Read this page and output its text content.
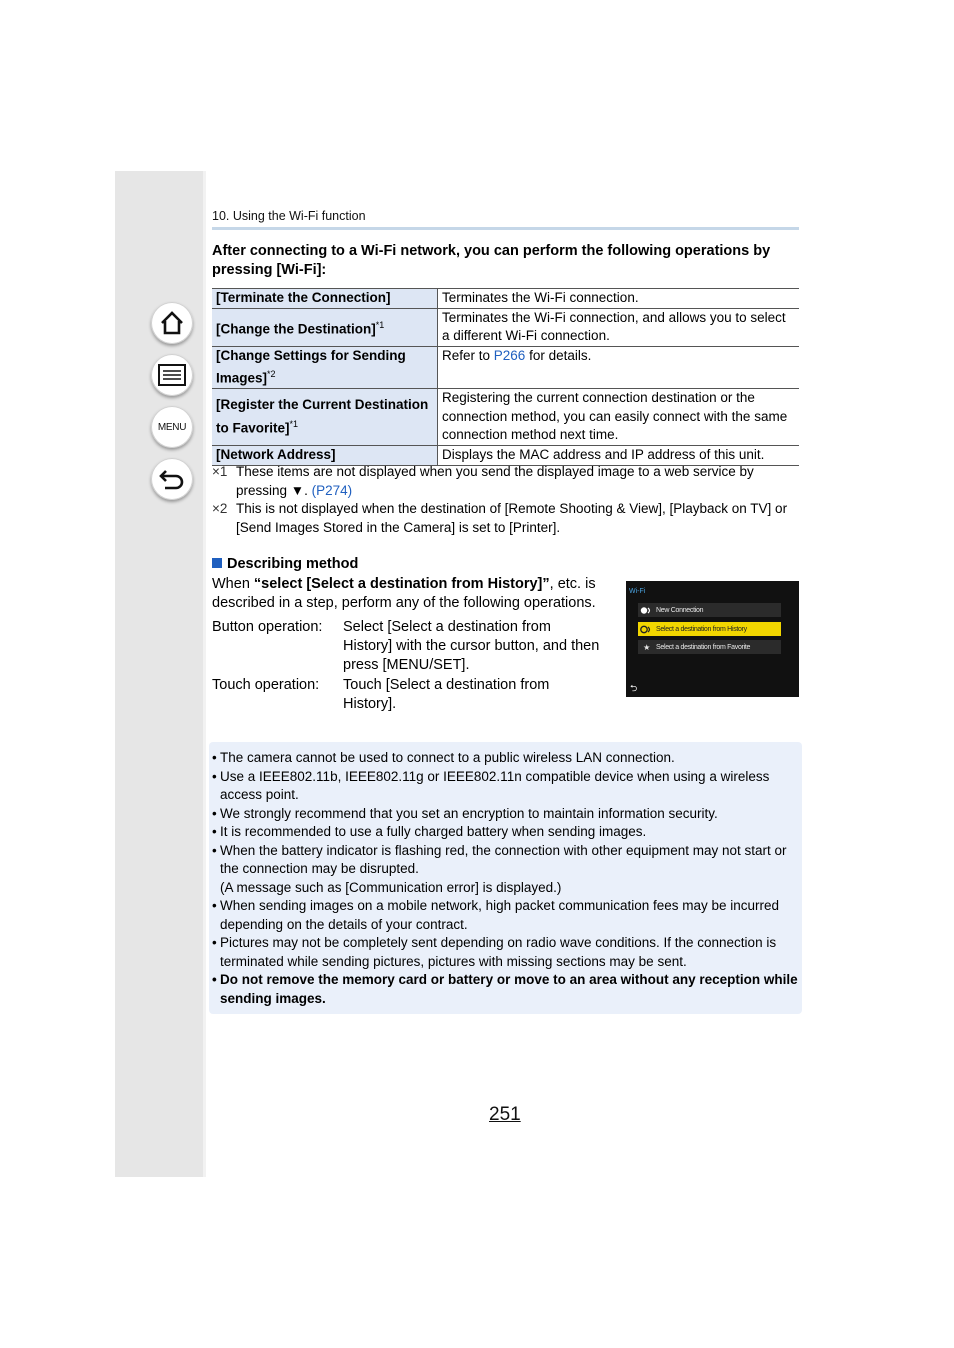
MENU
10. Using the Wi-Fi function
After connecting to a Wi-Fi network, you can perform the following operations by pressing [Wi-Fi]:
[Terminate the Connection]	Terminates the Wi-Fi connection.
[Change the Destination]$^{*1}$	Terminates the Wi-Fi connection, and allows you to select a different Wi-Fi connection.
[Change Settings for Sending Images]$^{*2}$	Refer to P266 for details.
[Register the Current Destination to Favorite]$^{*1}$	Registering the current connection destination or the connection method, you can easily connect with the same connection method next time.
[Network Address]	Displays the MAC address and IP address of this unit.
×1 These items are not displayed when you send the displayed image to a web service by pressing ▼. (P274)
×2 This is not displayed when the destination of [Remote Shooting & View], [Playback on TV] or [Send Images Stored in the Camera] is set to [Printer].
Describing method
When “select [Select a destination from History]”, etc. is described in a step, perform any of the following operations.
Button operation:	Select [Select a destination from History] with the cursor button, and then press [MENU/SET].
Touch operation:	Touch [Select a destination from History].
Wi-Fi
New Connection
Select a destination from History
★ Select a destination from Favorite
⮌
• The camera cannot be used to connect to a public wireless LAN connection.
• Use a IEEE802.11b, IEEE802.11g or IEEE802.11n compatible device when using a wireless access point.
• We strongly recommend that you set an encryption to maintain information security.
• It is recommended to use a fully charged battery when sending images.
• When the battery indicator is flashing red, the connection with other equipment may not start or the connection may be disrupted.
(A message such as [Communication error] is displayed.)
• When sending images on a mobile network, high packet communication fees may be incurred depending on the details of your contract.
• Pictures may not be completely sent depending on radio wave conditions. If the connection is terminated while sending pictures, pictures with missing sections may be sent.
• Do not remove the memory card or battery or move to an area without any reception while sending images.
251
